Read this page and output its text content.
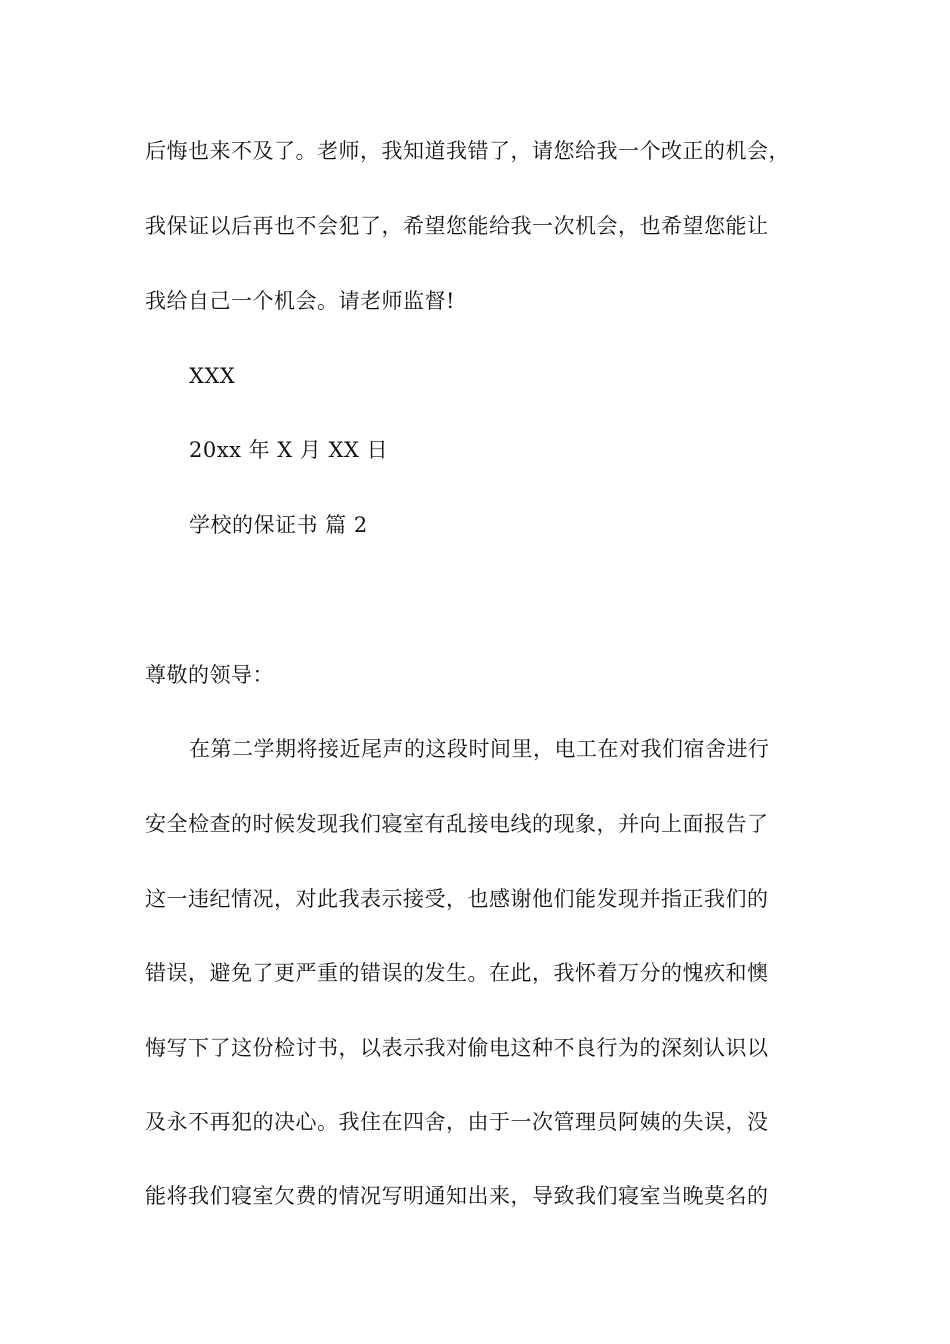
后悔也来不及了。老师，我知道我错了，请您给我一个改正的机会，
我保证以后再也不会犯了，希望您能给我一次机会，也希望您能让
我给自己一个机会。请老师监督!
XXX
20xx 年 X 月 XX 日
学校的保证书 篇 2
尊敬的领导：
在第二学期将接近尾声的这段时间里，电工在对我们宿舍进行
安全检查的时候发现我们寝室有乱接电线的现象，并向上面报告了
这一违纪情况，对此我表示接受，也感谢他们能发现并指正我们的
错误，避免了更严重的错误的发生。在此，我怀着万分的愧疚和懊
悔写下了这份检讨书，以表示我对偷电这种不良行为的深刻认识以
及永不再犯的决心。我住在四舍，由于一次管理员阿姨的失误，没
能将我们寝室欠费的情况写明通知出来，导致我们寝室当晚莫名的
